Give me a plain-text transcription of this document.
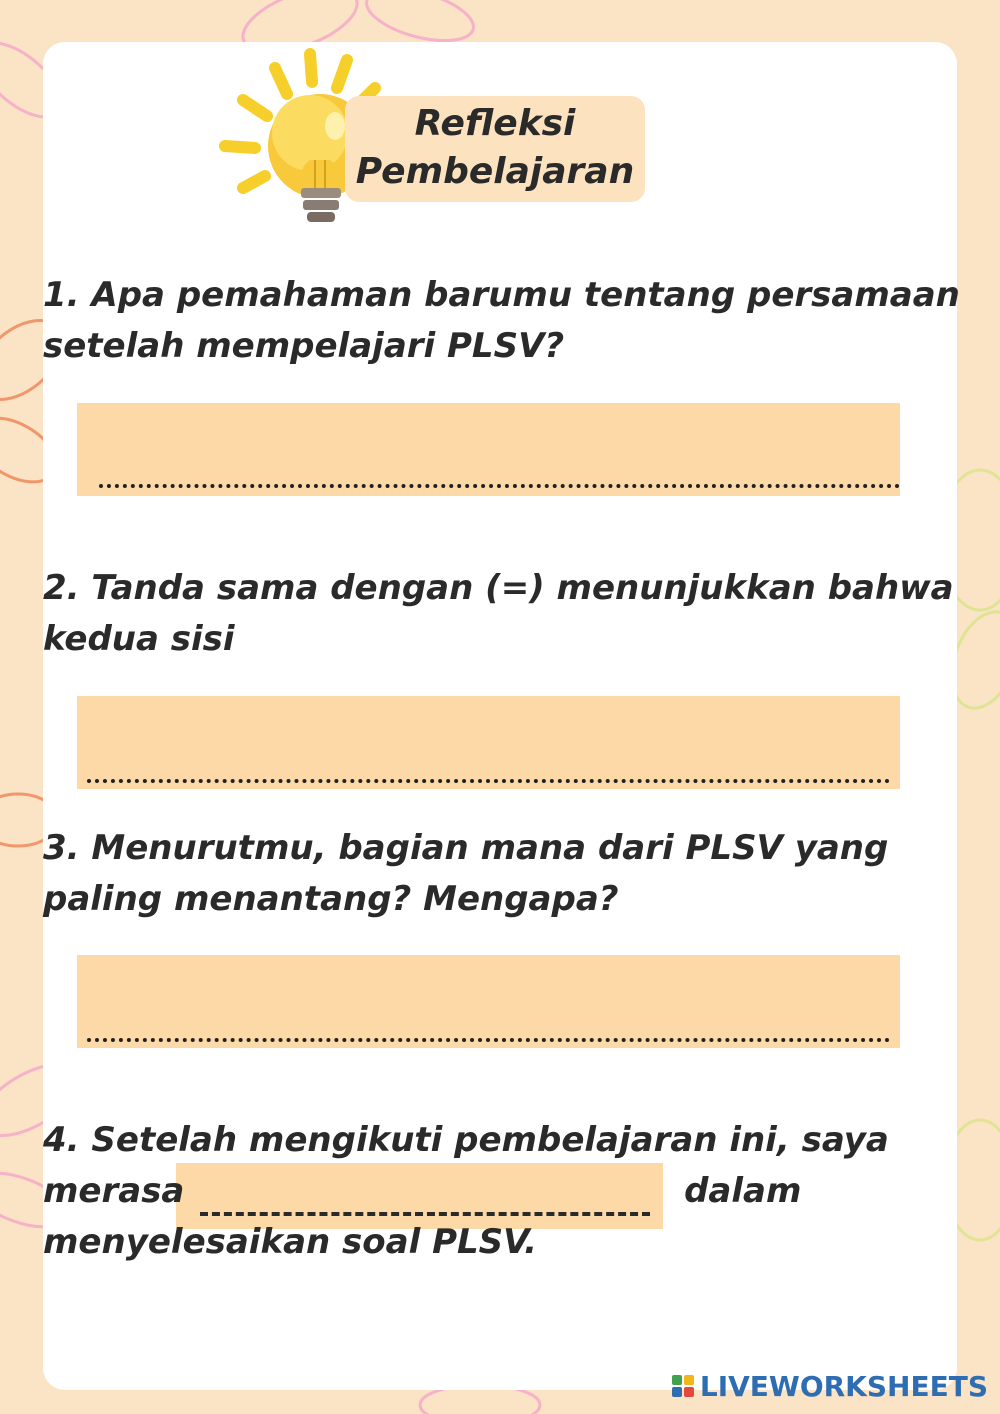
Refleksi
Pembelajaran
1. Apa pemahaman barumu tentang persamaan
setelah mempelajari PLSV?
2. Tanda sama dengan (=) menunjukkan bahwa
kedua sisi
3. Menurutmu, bagian mana dari PLSV yang
paling menantang? Mengapa?
4. Setelah mengikuti pembelajaran ini, saya
merasa	dalam
menyelesaikan soal PLSV.
LIVEWORKSHEETS
